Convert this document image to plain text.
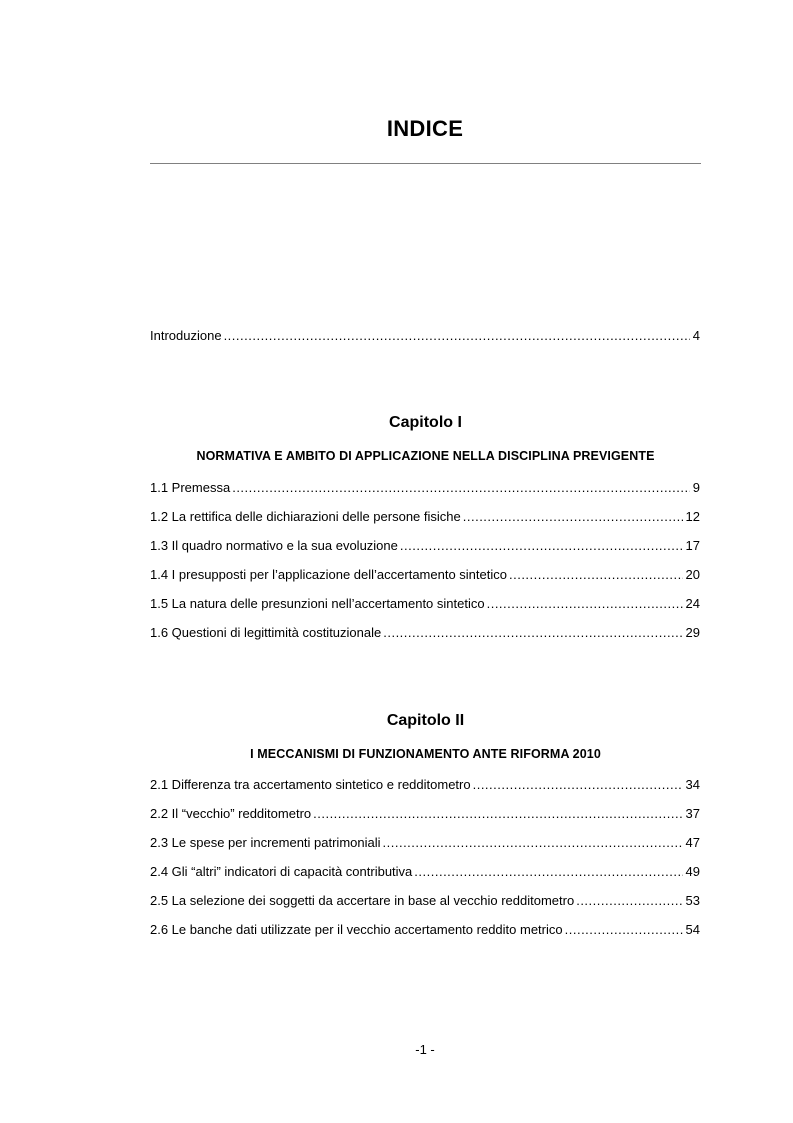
INDICE
Introduzione .....	4
Capitolo I
NORMATIVA E AMBITO DI APPLICAZIONE NELLA DISCIPLINA PREVIGENTE
1.1 Premessa .....	9
1.2 La rettifica delle dichiarazioni delle persone fisiche .....	12
1.3 Il quadro normativo e la sua evoluzione .....	17
1.4 I presupposti per l’applicazione dell’accertamento sintetico .....	20
1.5 La natura delle presunzioni nell’accertamento sintetico .....	24
1.6 Questioni di legittimità costituzionale .....	29
Capitolo II
I MECCANISMI DI FUNZIONAMENTO ANTE RIFORMA 2010
2.1 Differenza tra accertamento sintetico e redditometro .....	34
2.2 Il “vecchio” redditometro .....	37
2.3 Le spese per incrementi patrimoniali .....	47
2.4 Gli “altri” indicatori di capacità contributiva .....	49
2.5 La selezione dei soggetti da accertare in base al vecchio redditometro .....	53
2.6 Le banche dati utilizzate per il vecchio accertamento reddito metrico .....	54
-1 -
